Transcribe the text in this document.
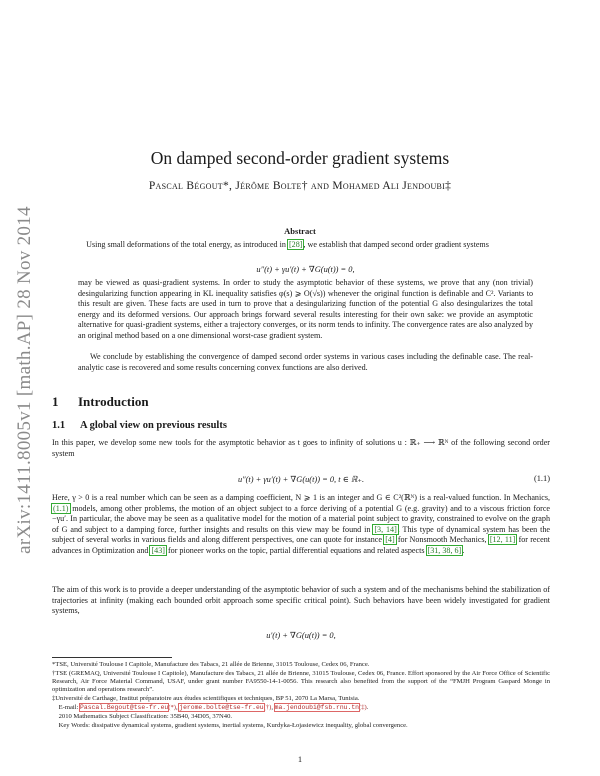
arXiv:1411.8005v1 [math.AP] 28 Nov 2014
On damped second-order gradient systems
Pascal Bégout*, Jérôme Bolte† and Mohamed Ali Jendoubi‡
Abstract
 Using small deformations of the total energy, as introduced in [28], we establish that damped second order gradient systems
u″(t) + γu′(t) + ∇G(u(t)) = 0,
may be viewed as quasi-gradient systems. In order to study the asymptotic behavior of these systems, we prove that any (non trivial) desingularizing function appearing in KL inequality satisfies φ(s) ⩾ O(√s)) whenever the original function is definable and C². Variants to this result are given. These facts are used in turn to prove that a desingularizing function of the potential G also desingularizes the total energy and its deformed versions. Our approach brings forward several results interesting for their own sake: we provide an asymptotic alternative for quasi-gradient systems, either a trajectory converges, or its norm tends to infinity. The convergence rates are also analyzed by an original method based on a one dimensional worst-case gradient system.
We conclude by establishing the convergence of damped second order systems in various cases including the definable case. The real-analytic case is recovered and some results concerning convex functions are also derived.
1 Introduction
1.1 A global view on previous results
In this paper, we develop some new tools for the asymptotic behavior as t goes to infinity of solutions u : ℝ₊ ⟶ ℝᴺ of the following second order system
u″(t) + γu′(t) + ∇G(u(t)) = 0, t ∈ ℝ₊.	(1.1)
Here, γ > 0 is a real number which can be seen as a damping coefficient, N ⩾ 1 is an integer and G ∈ C²(ℝᴺ) is a real-valued function. In Mechanics, (1.1) models, among other problems, the motion of an object subject to a force deriving of a potential G (e.g. gravity) and to a viscous friction force −γu′. In particular, the above may be seen as a qualitative model for the motion of a material point subject to gravity, constrained to evolve on the graph of G and subject to a damping force, further insights and results on this view may be found in [3, 14]. This type of dynamical system has been the subject of several works in various fields and along different perspectives, one can quote for instance [4] for Nonsmooth Mechanics, [12, 11] for recent advances in Optimization and [43] for pioneer works on the topic, partial differential equations and related aspects [31, 38, 6].
The aim of this work is to provide a deeper understanding of the asymptotic behavior of such a system and of the mechanisms behind the stabilization of trajectories at infinity (making each bounded orbit approach some specific critical point). Such behaviors have been widely investigated for gradient systems,
u′(t) + ∇G(u(t)) = 0,
*TSE, Université Toulouse I Capitole, Manufacture des Tabacs, 21 allée de Brienne, 31015 Toulouse, Cedex 06, France.
†TSE (GREMAQ, Université Toulouse I Capitole), Manufacture des Tabacs, 21 allée de Brienne, 31015 Toulouse, Cedex 06, France. Effort sponsored by the Air Force Office of Scientific Research, Air Force Material Command, USAF, under grant number FA9550-14-1-0056. This research also benefited from the support of the “FMJH Program Gaspard Monge in optimization and operations research”.
‡Université de Carthage, Institut préparatoire aux études scientifiques et techniques, BP 51, 2070 La Marsa, Tunisia.
 E-mail: Pascal.Begout@tse-fr.eu(*), jerome.bolte@tse-fr.eu(†), ma.jendoubi@fsb.rnu.tn(‡).
 2010 Mathematics Subject Classification: 35B40, 34D05, 37N40.
 Key Words: dissipative dynamical systems, gradient systems, inertial systems, Kurdyka-Łojasiewicz inequality, global convergence.
1
